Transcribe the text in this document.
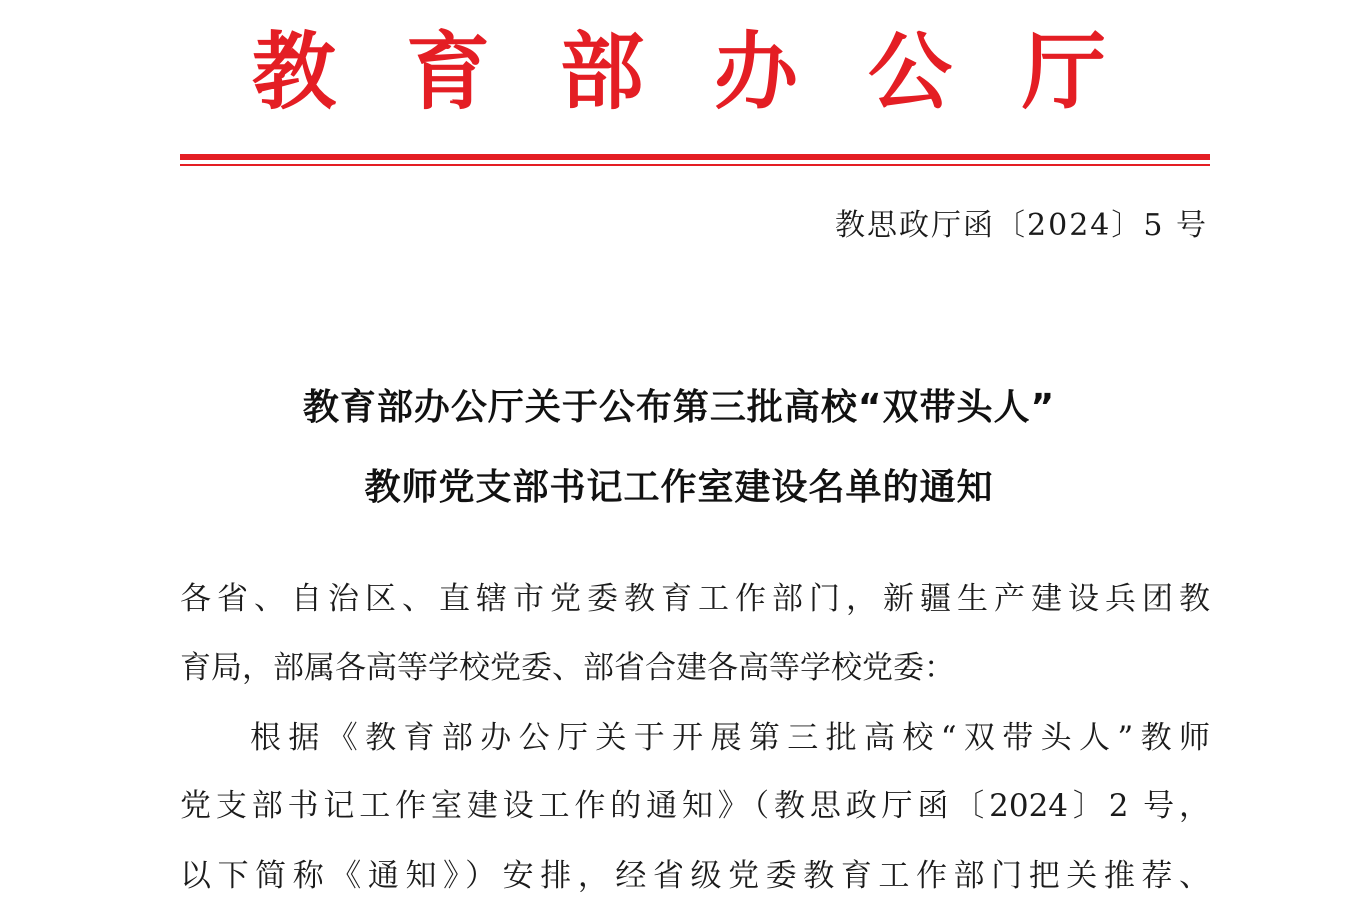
教育部办公厅
教思政厅函〔2024〕5 号
教育部办公厅关于公布第三批高校“双带头人”
教师党支部书记工作室建设名单的通知
各省、自治区、直辖市党委教育工作部门，新疆生产建设兵团教
育局，部属各高等学校党委、部省合建各高等学校党委：
根据《教育部办公厅关于开展第三批高校“双带头人”教师
党支部书记工作室建设工作的通知》（教思政厅函〔2024〕2 号，
以下简称《通知》）安排，经省级党委教育工作部门把关推荐、
